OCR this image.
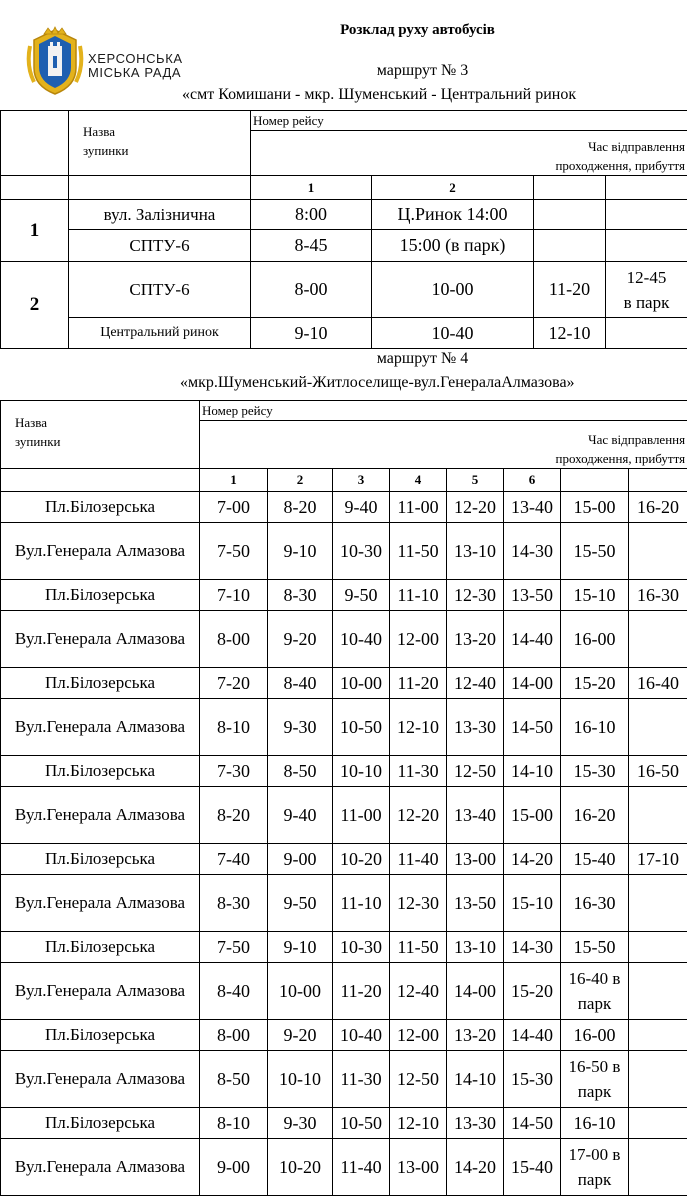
ХЕРСОНСЬКА
МІСЬКА РАДА
Розклад руху автобусів
маршрут № 3
«смт Комишани - мкр. Шуменський - Центральний ринок
	Назва
зупинки	Номер рейсу			
		Час відправлення
проходження, прибуття			
		1	2		
1	вул. Залізнична	8:00	Ц.Ринок 14:00		
	СПТУ-6	8-45	15:00 (в парк)		
2	СПТУ-6	8-00	10-00	11-20	12-45
в парк
	Центральний ринок	9-10	10-40	12-10	
маршрут № 4
«мкр.Шуменський-Житлоселище-вул.ГенералаАлмазова»
Назва
зупинки	Номер рейсу							
	Час відправлення
проходження, прибуття							
	1	2	3	4	5	6		
Пл.Білозерська	7-00	8-20	9-40	11-00	12-20	13-40	15-00	16-20
Вул.Генерала Алмазова	7-50	9-10	10-30	11-50	13-10	14-30	15-50	
Пл.Білозерська	7-10	8-30	9-50	11-10	12-30	13-50	15-10	16-30
Вул.Генерала Алмазова	8-00	9-20	10-40	12-00	13-20	14-40	16-00	
Пл.Білозерська	7-20	8-40	10-00	11-20	12-40	14-00	15-20	16-40
Вул.Генерала Алмазова	8-10	9-30	10-50	12-10	13-30	14-50	16-10	
Пл.Білозерська	7-30	8-50	10-10	11-30	12-50	14-10	15-30	16-50
Вул.Генерала Алмазова	8-20	9-40	11-00	12-20	13-40	15-00	16-20	
Пл.Білозерська	7-40	9-00	10-20	11-40	13-00	14-20	15-40	17-10
Вул.Генерала Алмазова	8-30	9-50	11-10	12-30	13-50	15-10	16-30	
Пл.Білозерська	7-50	9-10	10-30	11-50	13-10	14-30	15-50	
Вул.Генерала Алмазова	8-40	10-00	11-20	12-40	14-00	15-20	16-40 в парк	
Пл.Білозерська	8-00	9-20	10-40	12-00	13-20	14-40	16-00	
Вул.Генерала Алмазова	8-50	10-10	11-30	12-50	14-10	15-30	16-50 в парк	
Пл.Білозерська	8-10	9-30	10-50	12-10	13-30	14-50	16-10	
Вул.Генерала Алмазова	9-00	10-20	11-40	13-00	14-20	15-40	17-00 в парк	
